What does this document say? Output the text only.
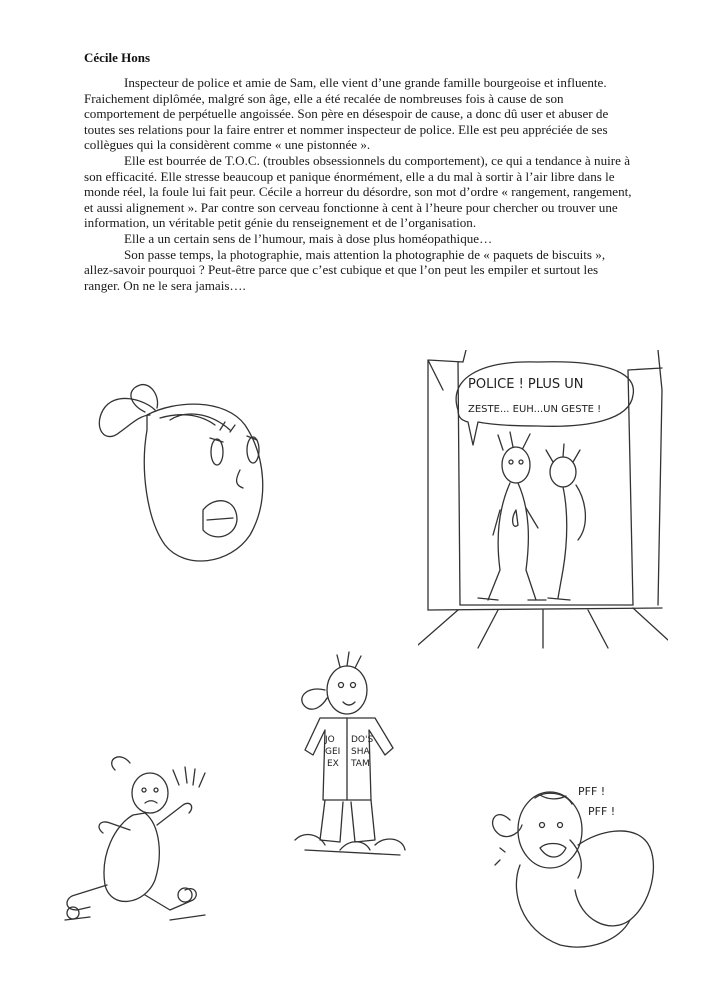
Cécile Hons

Inspecteur de police et amie de Sam, elle vient d’une grande famille bourgeoise et influente. Fraichement diplômée, malgré son âge, elle a été recalée de nombreuses fois à cause de son comportement de perpétuelle angoissée. Son père en désespoir de cause, a donc dû user et abuser de toutes ses relations pour la faire entrer et nommer inspecteur de police. Elle est peu appréciée de ses collègues qui la considèrent comme « une pistonnée ».

Elle est bourrée de T.O.C. (troubles obsessionnels du comportement), ce qui a tendance à nuire à son efficacité. Elle stresse beaucoup et panique énormément, elle a du mal à sortir à l’air libre dans le monde réel, la foule lui fait peur. Cécile a horreur du désordre, son mot d’ordre « rangement, rangement, et aussi alignement ». Par contre son cerveau fonctionne à cent à l’heure pour chercher ou trouver une information, un véritable petit génie du renseignement et de l’organisation.

Elle a un certain sens de l’humour, mais à dose plus homéopathique…

Son passe temps, la photographie, mais attention la photographie de « paquets de biscuits », allez-savoir pourquoi ? Peut-être parce que c’est cubique et que l’on peut les empiler et surtout les ranger. On ne le sera jamais….

POLICE ! PLUS UN
ZESTE... EUH...UN GESTE !
JO
GEI
EX
DO'S
SHA
TAM
PFF !
PFF !
